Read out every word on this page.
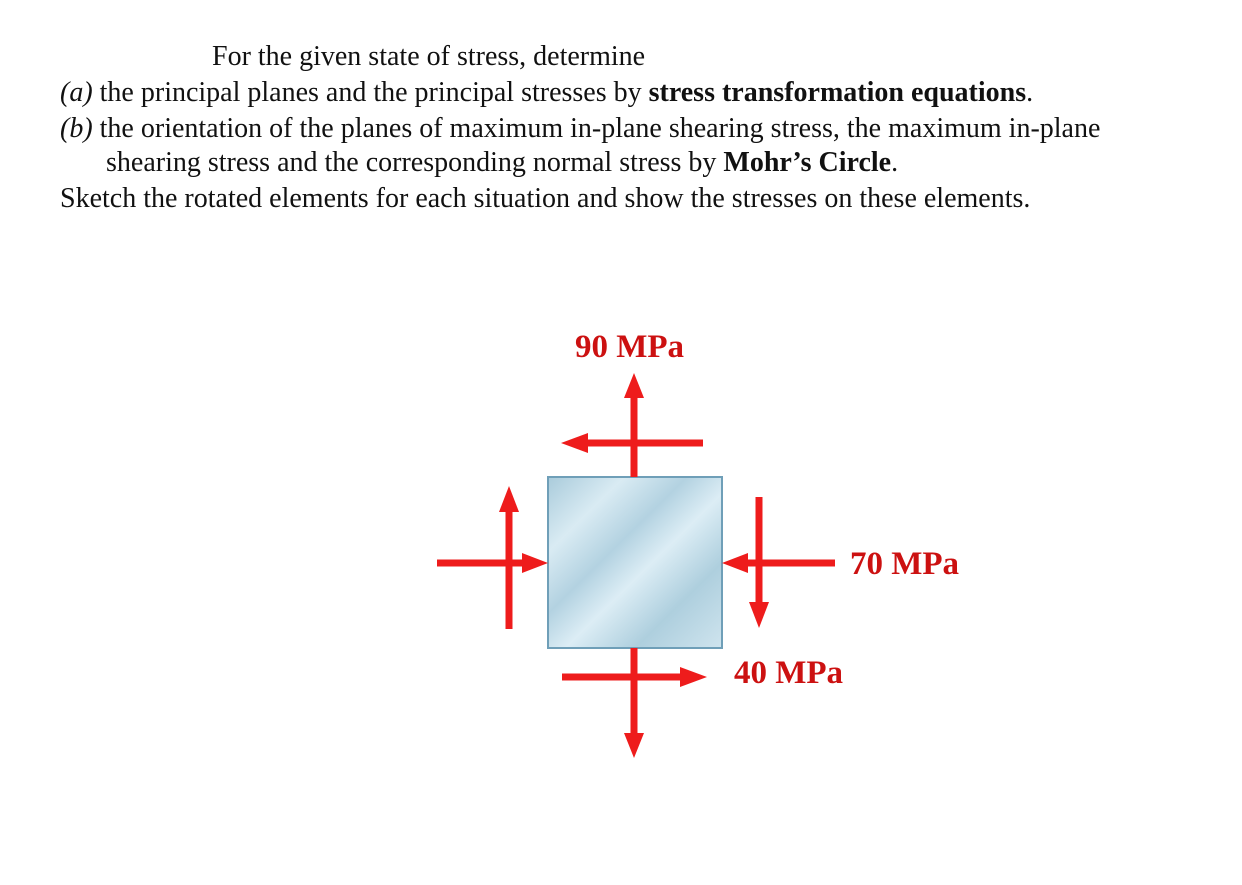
For the given state of stress, determine
(a) the principal planes and the principal stresses by stress transformation equations.
(b) the orientation of the planes of maximum in-plane shearing stress, the maximum in-plane
shearing stress and the corresponding normal stress by Mohr’s Circle.
Sketch the rotated elements for each situation and show the stresses on these elements.
90 MPa
70 MPa
40 MPa
